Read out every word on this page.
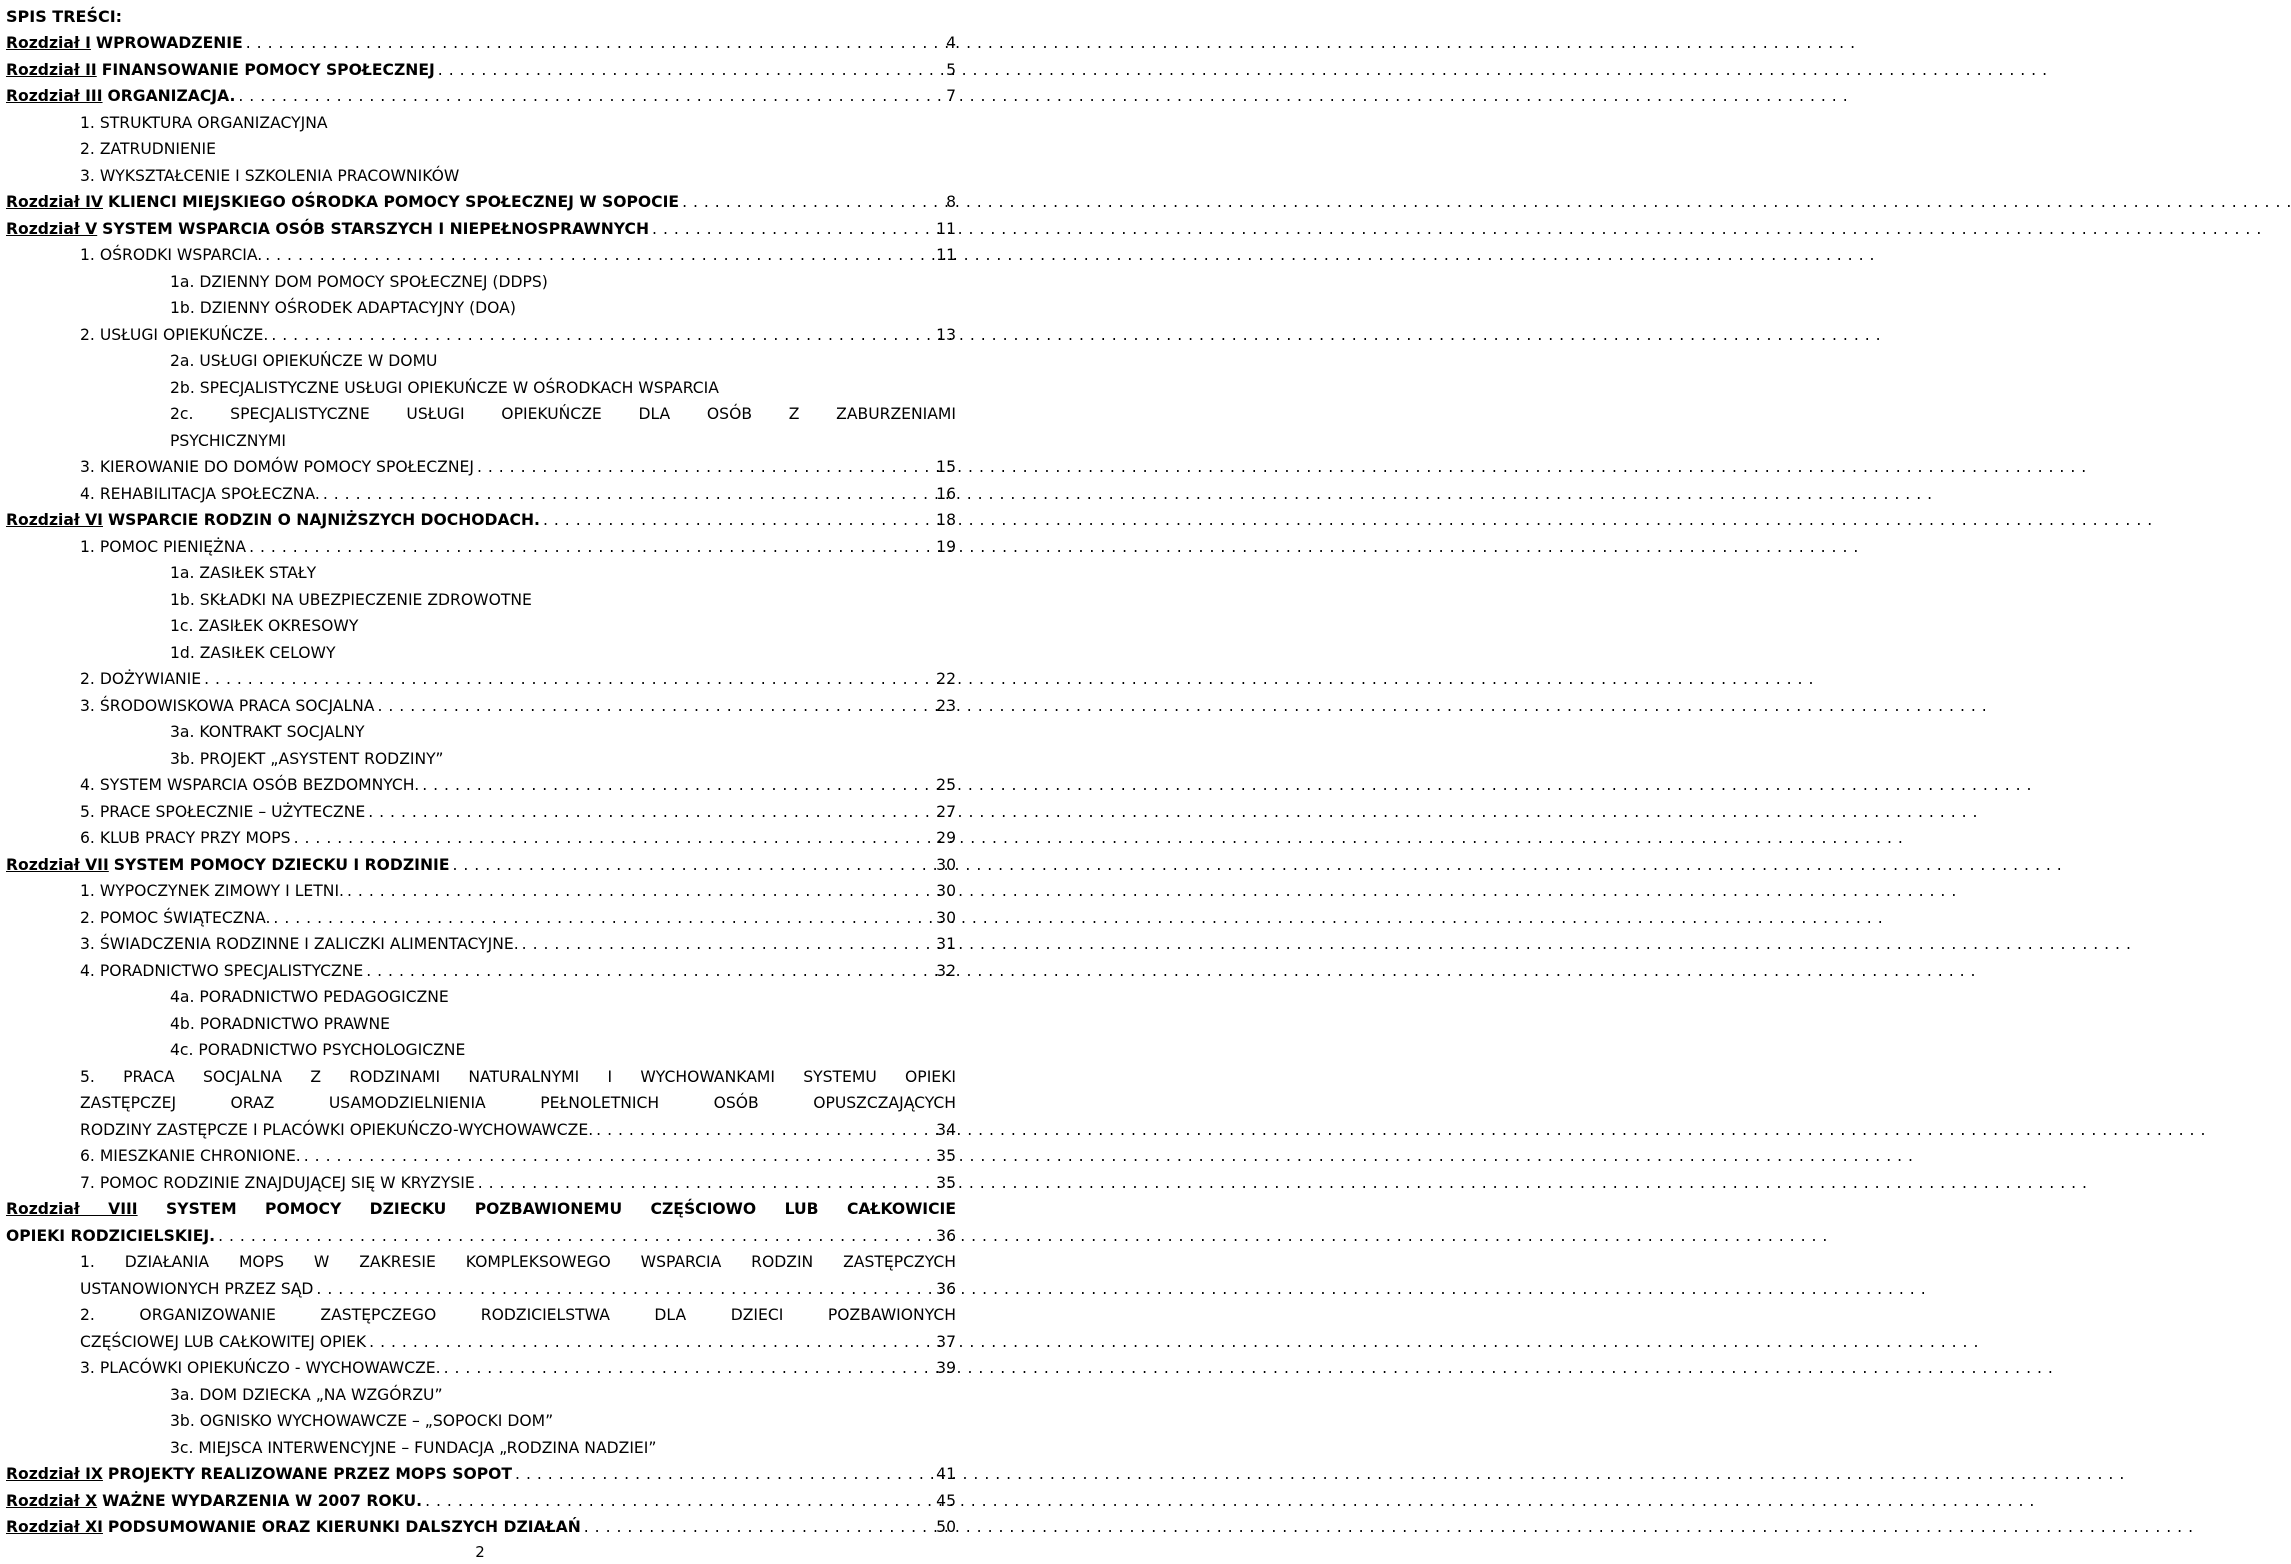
SPIS TREŚCI:
Rozdział I WPROWADZENIE . . .	4
Rozdział II FINANSOWANIE POMOCY SPOŁECZNEJ . . .	5
Rozdział III ORGANIZACJA. . . .	7
1. STRUKTURA ORGANIZACYJNA
2. ZATRUDNIENIE
3. WYKSZTAŁCENIE I SZKOLENIA PRACOWNIKÓW
Rozdział IV KLIENCI MIEJSKIEGO OŚRODKA POMOCY SPOŁECZNEJ W SOPOCIE . . .	8
Rozdział V SYSTEM WSPARCIA OSÓB STARSZYCH I NIEPEŁNOSPRAWNYCH . . .	11
1. OŚRODKI WSPARCIA. . . .	11
1a. DZIENNY DOM POMOCY SPOŁECZNEJ (DDPS)
1b. DZIENNY OŚRODEK ADAPTACYJNY (DOA)
2. USŁUGI OPIEKUŃCZE. . . .	13
2a. USŁUGI OPIEKUŃCZE W DOMU
2b. SPECJALISTYCZNE USŁUGI OPIEKUŃCZE W OŚRODKACH WSPARCIA
2c. SPECJALISTYCZNE USŁUGI OPIEKUŃCZE DLA OSÓB Z ZABURZENIAMI
PSYCHICZNYMI
3. KIEROWANIE DO DOMÓW POMOCY SPOŁECZNEJ . . .	15
4. REHABILITACJA SPOŁECZNA. . . .	16
Rozdział VI WSPARCIE RODZIN O NAJNIŻSZYCH DOCHODACH. . . .	18
1. POMOC PIENIĘŻNA . . .	19
1a. ZASIŁEK STAŁY
1b. SKŁADKI NA UBEZPIECZENIE ZDROWOTNE
1c. ZASIŁEK OKRESOWY
1d. ZASIŁEK CELOWY
2. DOŻYWIANIE . . .	22
3. ŚRODOWISKOWA PRACA SOCJALNA . . .	23
3a. KONTRAKT SOCJALNY
3b. PROJEKT „ASYSTENT RODZINY”
4. SYSTEM WSPARCIA OSÓB BEZDOMNYCH. . . .	25
5. PRACE SPOŁECZNIE – UŻYTECZNE . . .	27
6. KLUB PRACY PRZY MOPS . . .	29
Rozdział VII SYSTEM POMOCY DZIECKU I RODZINIE . . .	30
1. WYPOCZYNEK ZIMOWY I LETNI. . . .	30
2. POMOC ŚWIĄTECZNA. . . .	30
3. ŚWIADCZENIA RODZINNE I ZALICZKI ALIMENTACYJNE. . . .	31
4. PORADNICTWO SPECJALISTYCZNE . . .	32
4a. PORADNICTWO PEDAGOGICZNE
4b. PORADNICTWO PRAWNE
4c. PORADNICTWO PSYCHOLOGICZNE
5. PRACA SOCJALNA Z RODZINAMI NATURALNYMI I WYCHOWANKAMI SYSTEMU OPIEKI
ZASTĘPCZEJ ORAZ USAMODZIELNIENIA PEŁNOLETNICH OSÓB OPUSZCZAJĄCYCH
RODZINY ZASTĘPCZE I PLACÓWKI OPIEKUŃCZO-WYCHOWAWCZE. . . .	34
6. MIESZKANIE CHRONIONE. . . .	35
7. POMOC RODZINIE ZNAJDUJĄCEJ SIĘ W KRYZYSIE . . .	35
Rozdział VIII SYSTEM POMOCY DZIECKU POZBAWIONEMU CZĘŚCIOWO LUB CAŁKOWICIE
OPIEKI RODZICIELSKIEJ. . . .	36
1. DZIAŁANIA MOPS W ZAKRESIE KOMPLEKSOWEGO WSPARCIA RODZIN ZASTĘPCZYCH
USTANOWIONYCH PRZEZ SĄD . . .	36
2. ORGANIZOWANIE ZASTĘPCZEGO RODZICIELSTWA DLA DZIECI POZBAWIONYCH
CZĘŚCIOWEJ LUB CAŁKOWITEJ OPIEK . . .	37
3. PLACÓWKI OPIEKUŃCZO - WYCHOWAWCZE. . . .	39
3a. DOM DZIECKA „NA WZGÓRZU”
3b. OGNISKO WYCHOWAWCZE – „SOPOCKI DOM”
3c. MIEJSCA INTERWENCYJNE – FUNDACJA „RODZINA NADZIEI”
Rozdział IX PROJEKTY REALIZOWANE PRZEZ MOPS SOPOT . . .	41
Rozdział X WAŻNE WYDARZENIA W 2007 ROKU. . . .	45
Rozdział XI PODSUMOWANIE ORAZ KIERUNKI DALSZYCH DZIAŁAŃ . . .	50
2
